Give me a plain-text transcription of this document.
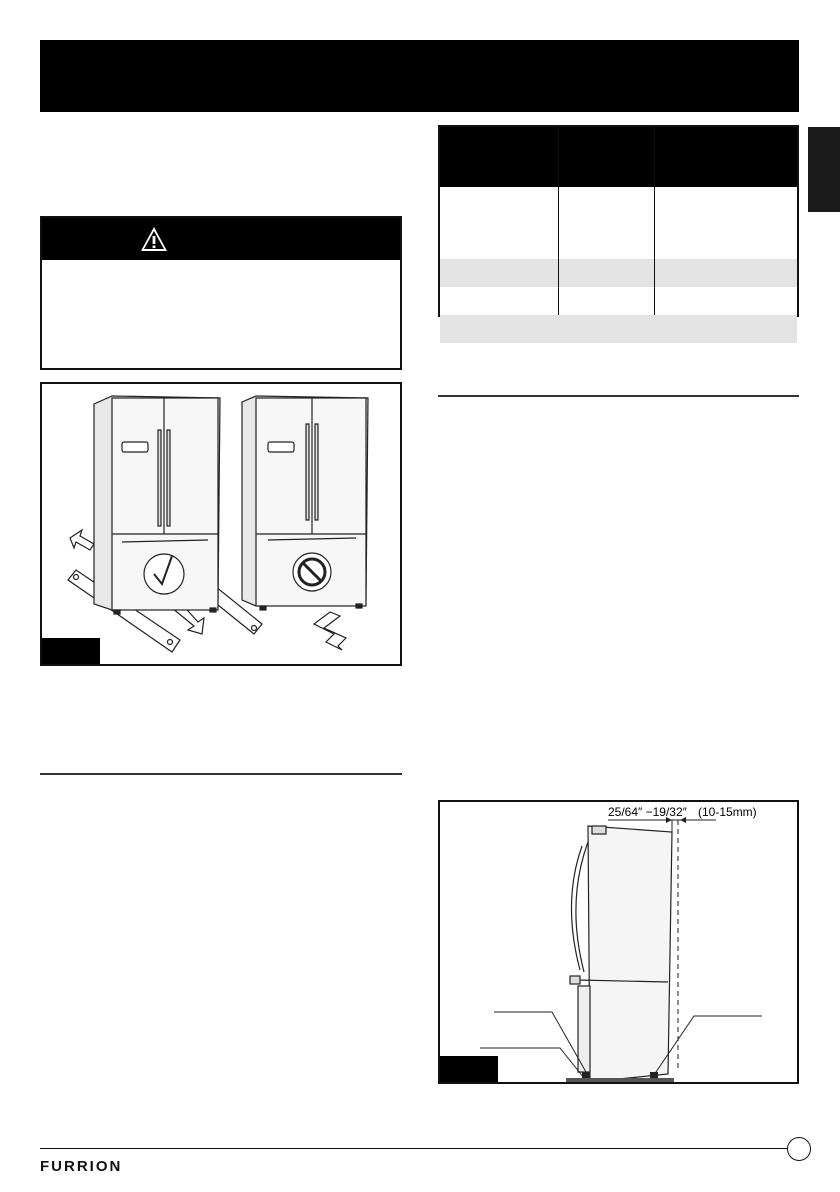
25/64″ −19/32″ (10-15mm)
FURRION
